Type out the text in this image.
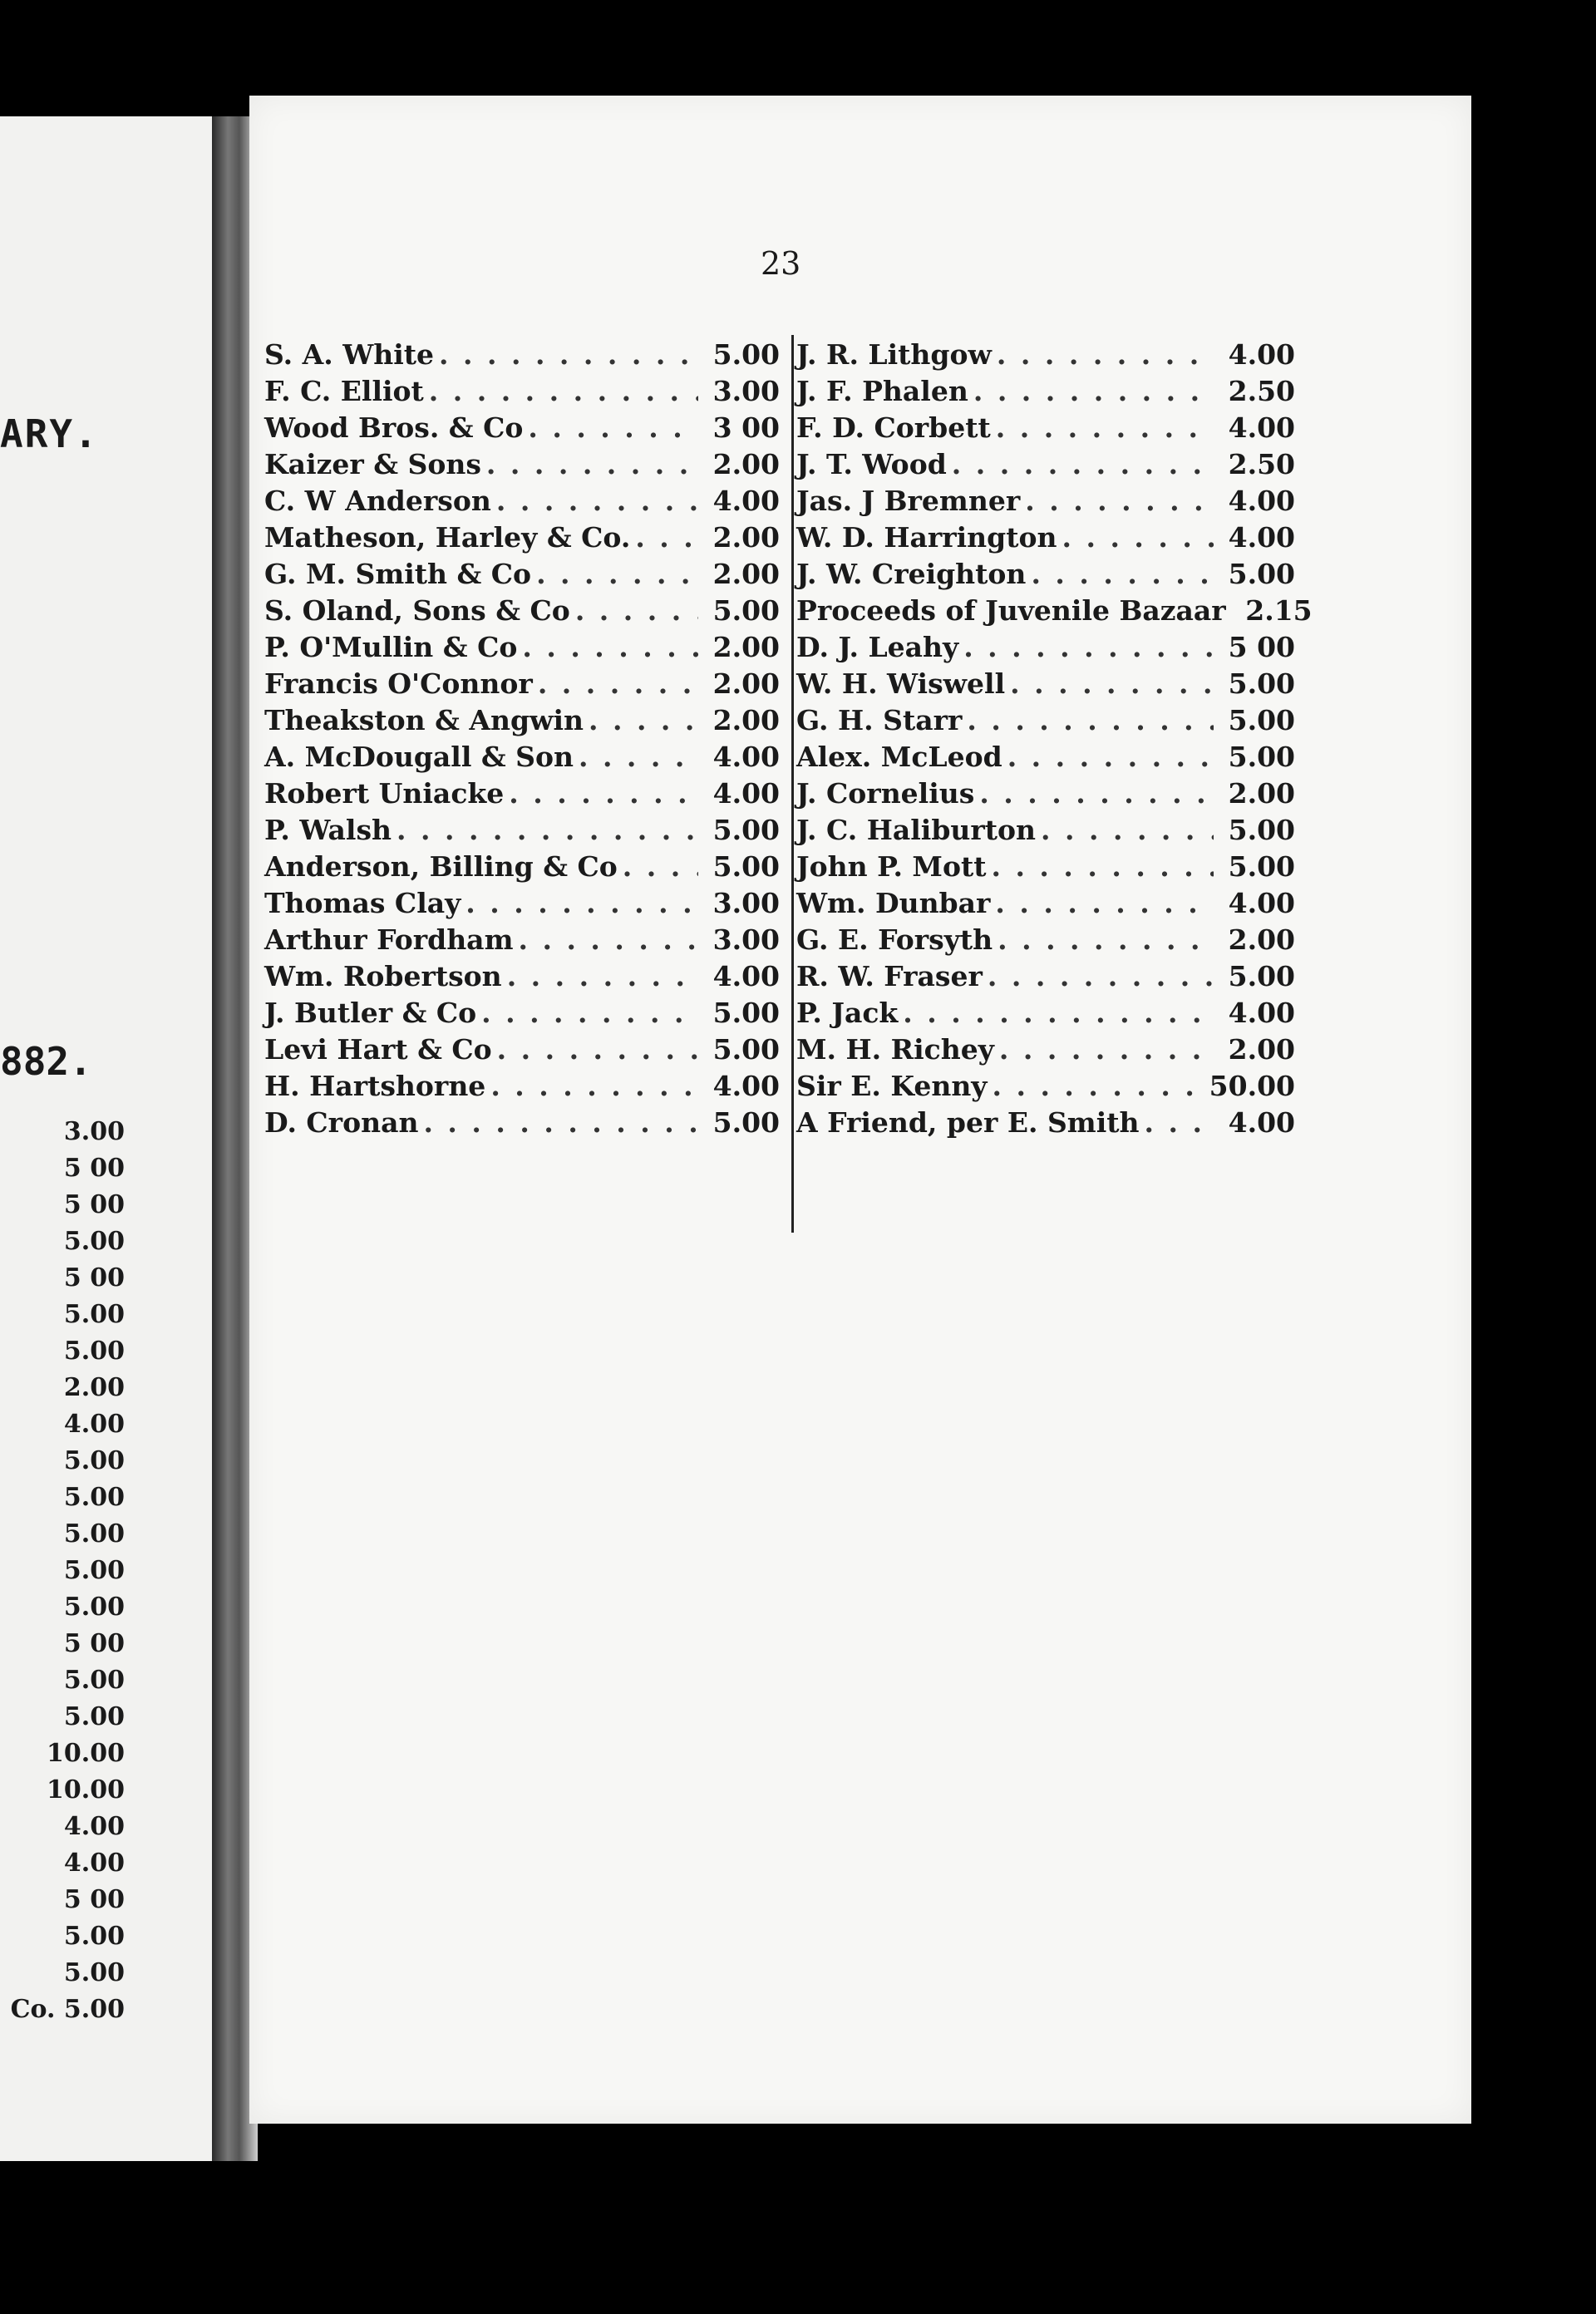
ARY.
882.
3.00
5 00
5 00
5.00
5 00
5.00
5.00
2.00
4.00
5.00
5.00
5.00
5.00
5.00
5 00
5.00
5.00
10.00
10.00
4.00
4.00
5 00
5.00
5.00
Co. 5.00
23
S. A. White . . .	5.00
F. C. Elliot . . .	3.00
Wood Bros. & Co . . .	3 00
Kaizer & Sons . . .	2.00
C. W Anderson . . .	4.00
Matheson, Harley & Co. . . .	2.00
G. M. Smith & Co . . .	2.00
S. Oland, Sons & Co . . .	5.00
P. O'Mullin & Co . . .	2.00
Francis O'Connor . . .	2.00
Theakston & Angwin . . .	2.00
A. McDougall & Son . . .	4.00
Robert Uniacke . . .	4.00
P. Walsh . . .	5.00
Anderson, Billing & Co . . .	5.00
Thomas Clay . . .	3.00
Arthur Fordham . . .	3.00
Wm. Robertson . . .	4.00
J. Butler & Co . . .	5.00
Levi Hart & Co . . .	5.00
H. Hartshorne . . .	4.00
D. Cronan . . .	5.00
J. R. Lithgow . . .	4.00
J. F. Phalen . . .	2.50
F. D. Corbett . . .	4.00
J. T. Wood . . .	2.50
Jas. J Bremner . . .	4.00
W. D. Harrington . . .	4.00
J. W. Creighton . . .	5.00
Proceeds of Juvenile Bazaar 2.15
D. J. Leahy . . .	5 00
W. H. Wiswell . . .	5.00
G. H. Starr . . .	5.00
Alex. McLeod . . .	5.00
J. Cornelius . . .	2.00
J. C. Haliburton . . .	5.00
John P. Mott . . .	5.00
Wm. Dunbar . . .	4.00
G. E. Forsyth . . .	2.00
R. W. Fraser . . .	5.00
P. Jack . . .	4.00
M. H. Richey . . .	2.00
Sir E. Kenny . . .	50.00
A Friend, per E. Smith . . .	4.00
